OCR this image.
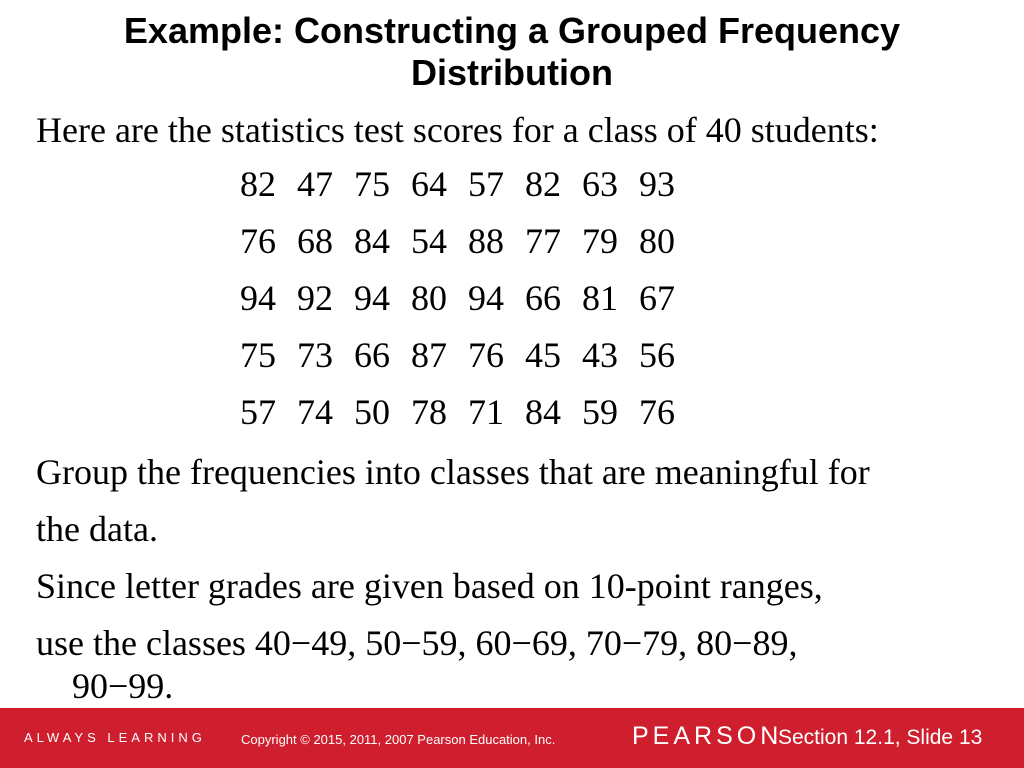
Example: Constructing a Grouped Frequency Distribution
Here are the statistics test scores for a class of 40 students:
82 47 75 64 57 82 63 93
76 68 84 54 88 77 79 80
94 92 94 80 94 66 81 67
75 73 66 87 76 45 43 56
57 74 50 78 71 84 59 76
Group the frequencies into classes that are meaningful for
the data.
Since letter grades are given based on 10-point ranges,
use the classes 40−49, 50−59, 60−69, 70−79, 80−89,
90−99.
ALWAYS LEARNING	Copyright © 2015, 2011, 2007 Pearson Education, Inc.	PEARSON
Section 12.1, Slide 13
